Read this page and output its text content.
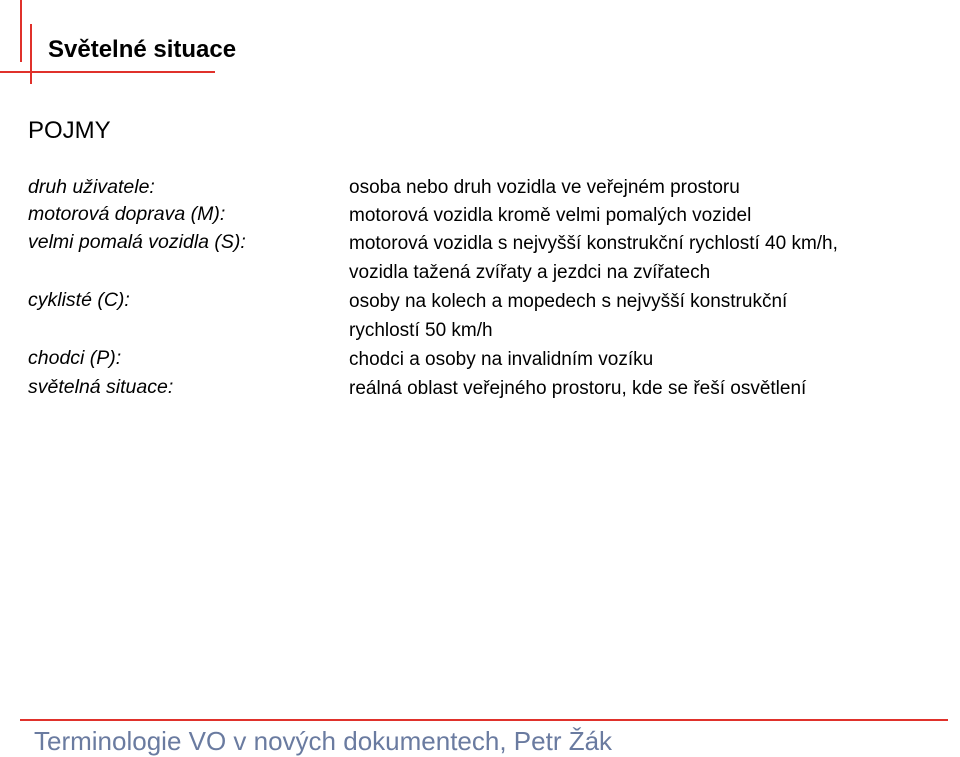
Světelné situace
POJMY
druh uživatele:
motorová doprava (M):
velmi pomalá vozidla (S):
cyklisté (C):
chodci (P):
světelná situace:
osoba nebo druh vozidla ve veřejném prostoru
motorová vozidla kromě velmi pomalých vozidel
motorová vozidla s nejvyšší konstrukční rychlostí 40 km/h,
vozidla tažená zvířaty a jezdci na zvířatech
osoby na kolech a mopedech s nejvyšší konstrukční
rychlostí 50 km/h
chodci a osoby na invalidním vozíku
reálná oblast veřejného prostoru, kde se řeší osvětlení
Terminologie VO v nových dokumentech, Petr Žák
